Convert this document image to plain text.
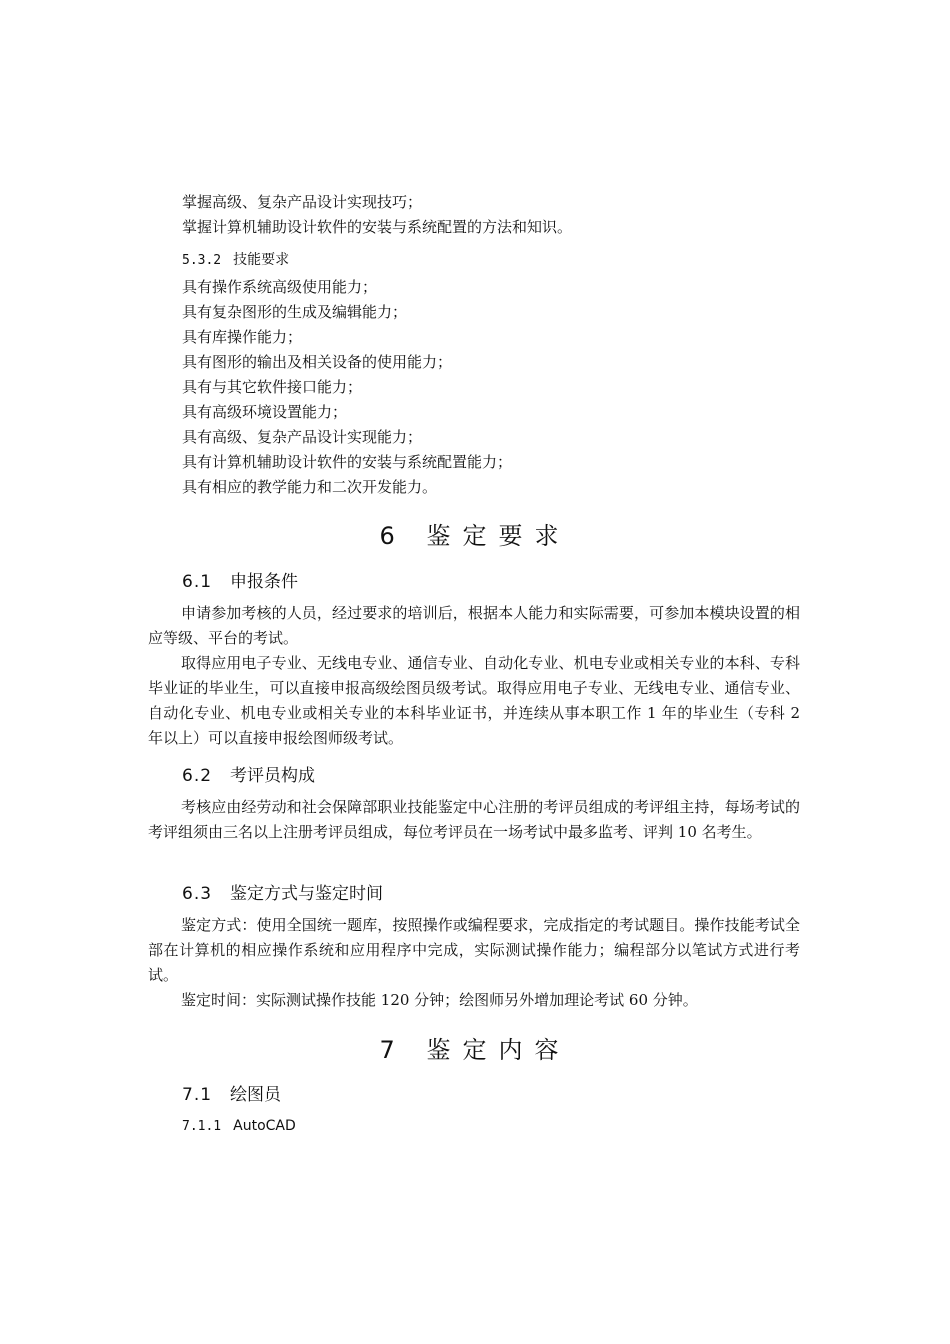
掌握高级、复杂产品设计实现技巧；
掌握计算机辅助设计软件的安装与系统配置的方法和知识。
5.3.2 技能要求
具有操作系统高级使用能力；
具有复杂图形的生成及编辑能力；
具有库操作能力；
具有图形的输出及相关设备的使用能力；
具有与其它软件接口能力；
具有高级环境设置能力；
具有高级、复杂产品设计实现能力；
具有计算机辅助设计软件的安装与系统配置能力；
具有相应的教学能力和二次开发能力。
6 鉴定要求
6.1 申报条件
申请参加考核的人员，经过要求的培训后，根据本人能力和实际需要，可参加本模块设置的相应等级、平台的考试。
取得应用电子专业、无线电专业、通信专业、自动化专业、机电专业或相关专业的本科、专科毕业证的毕业生，可以直接申报高级绘图员级考试。取得应用电子专业、无线电专业、通信专业、自动化专业、机电专业或相关专业的本科毕业证书，并连续从事本职工作 1 年的毕业生（专科 2 年以上）可以直接申报绘图师级考试。
6.2 考评员构成
考核应由经劳动和社会保障部职业技能鉴定中心注册的考评员组成的考评组主持，每场考试的考评组须由三名以上注册考评员组成，每位考评员在一场考试中最多监考、评判 10 名考生。
6.3 鉴定方式与鉴定时间
鉴定方式：使用全国统一题库，按照操作或编程要求，完成指定的考试题目。操作技能考试全部在计算机的相应操作系统和应用程序中完成，实际测试操作能力；编程部分以笔试方式进行考试。
鉴定时间：实际测试操作技能 120 分钟；绘图师另外增加理论考试 60 分钟。
7 鉴定内容
7.1 绘图员
7.1.1 AutoCAD
